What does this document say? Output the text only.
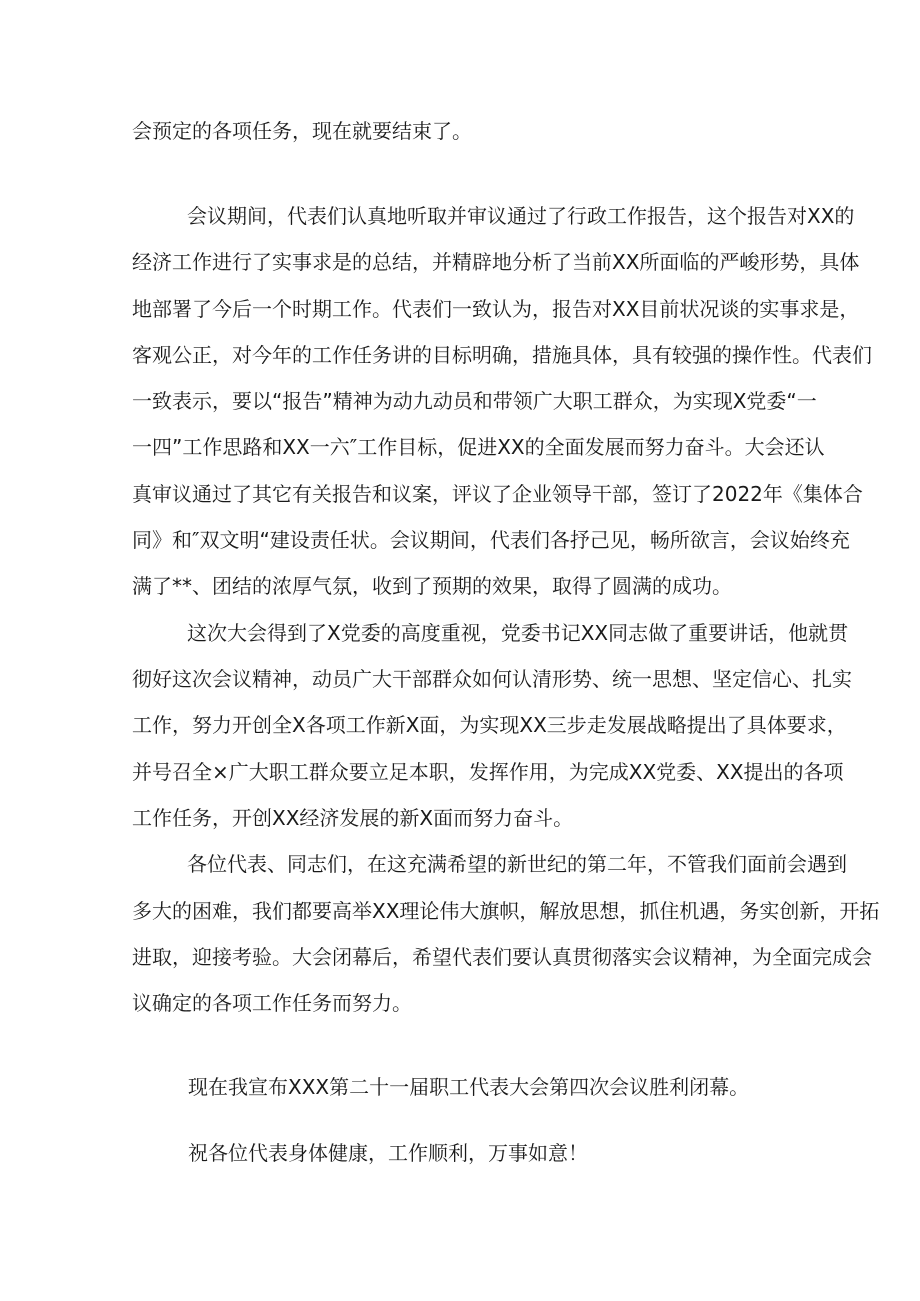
会预定的各项任务，现在就要结束了。
会议期间，代表们认真地听取并审议通过了行政工作报告，这个报告对XX的
经济工作进行了实事求是的总结，并精辟地分析了当前XX所面临的严峻形势，具体
地部署了今后一个时期工作。代表们一致认为，报告对XX目前状况谈的实事求是，
客观公正，对今年的工作任务讲的目标明确，措施具体，具有较强的操作性。代表们
一致表示，要以“报告”精神为动九动员和带领广大职工群众，为实现X党委“一
一四”工作思路和XX一六″工作目标，促进XX的全面发展而努力奋斗。大会还认
真审议通过了其它有关报告和议案，评议了企业领导干部，签订了2022年《集体合
同》和″双文明“建设责任状。会议期间，代表们各抒己见，畅所欲言，会议始终充
满了**、团结的浓厚气氛，收到了预期的效果，取得了圆满的成功。
这次大会得到了X党委的高度重视，党委书记XX同志做了重要讲话，他就贯
彻好这次会议精神，动员广大干部群众如何认清形势、统一思想、坚定信心、扎实
工作，努力开创全X各项工作新X面，为实现XX三步走发展战略提出了具体要求，
并号召全×广大职工群众要立足本职，发挥作用，为完成XX党委、XX提出的各项
工作任务，开创XX经济发展的新X面而努力奋斗。
各位代表、同志们，在这充满希望的新世纪的第二年，不管我们面前会遇到
多大的困难，我们都要高举XX理论伟大旗帜，解放思想，抓住机遇，务实创新，开拓
进取，迎接考验。大会闭幕后，希望代表们要认真贯彻落实会议精神，为全面完成会
议确定的各项工作任务而努力。
现在我宣布XXX第二十一届职工代表大会第四次会议胜利闭幕。
祝各位代表身体健康，工作顺利，万事如意！
